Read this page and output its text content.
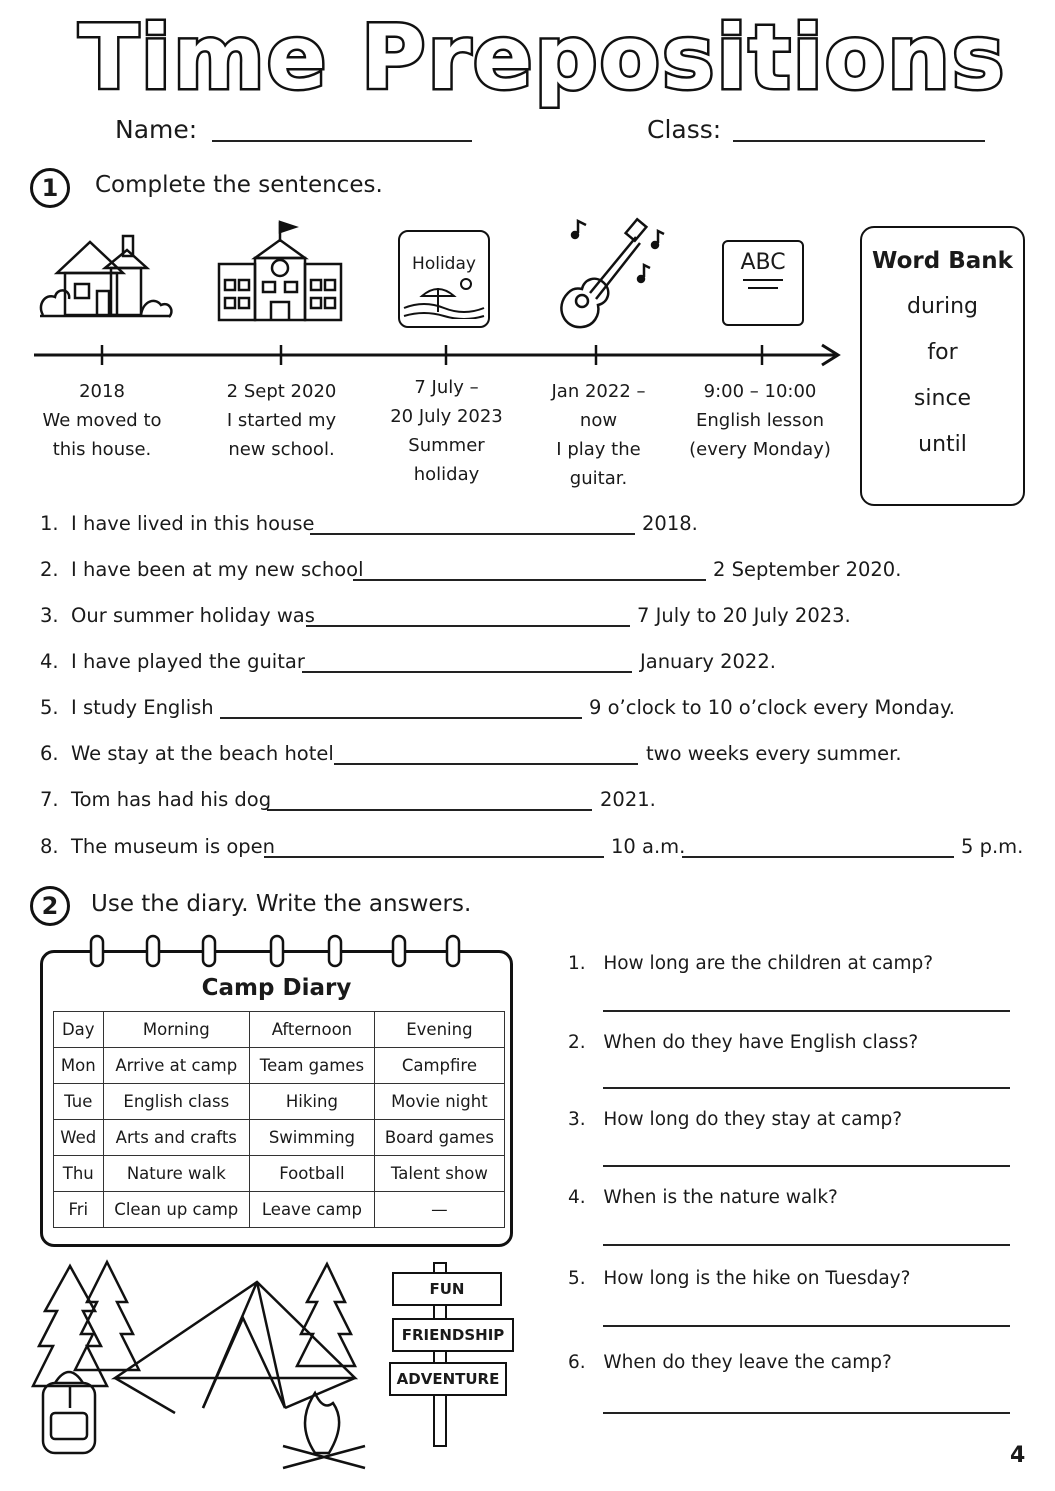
Time Prepositions
Name:	Class:
1	Complete the sentences.
Holiday	ABC
2018
We moved to
this house.
2 Sept 2020
I started my
new school.
7 July –
20 July 2023
Summer
holiday
Jan 2022 –
now
I play the
guitar.
9:00 – 10:00
English lesson
(every Monday)
Word Bank
during
for
since
until
1. I have lived in this house	2018.
2. I have been at my new school	2 September 2020.
3. Our summer holiday was	7 July to 20 July 2023.
4. I have played the guitar	January 2022.
5. I study English	9 o’clock to 10 o’clock every Monday.
6. We stay at the beach hotel	two weeks every summer.
7. Tom has had his dog	2021.
8. The museum is open	10 a.m.	5 p.m.
2	Use the diary. Write the answers.
Camp Diary
Day	Morning	Afternoon	Evening
Mon	Arrive at camp	Team games	Campfire
Tue	English class	Hiking	Movie night
Wed	Arts and crafts	Swimming	Board games
Thu	Nature walk	Football	Talent show
Fri	Clean up camp	Leave camp	—
FUN
FRIENDSHIP
ADVENTURE
1. How long are the children at camp?
2. When do they have English class?
3. How long do they stay at camp?
4. When is the nature walk?
5. How long is the hike on Tuesday?
6. When do they leave the camp?
4
